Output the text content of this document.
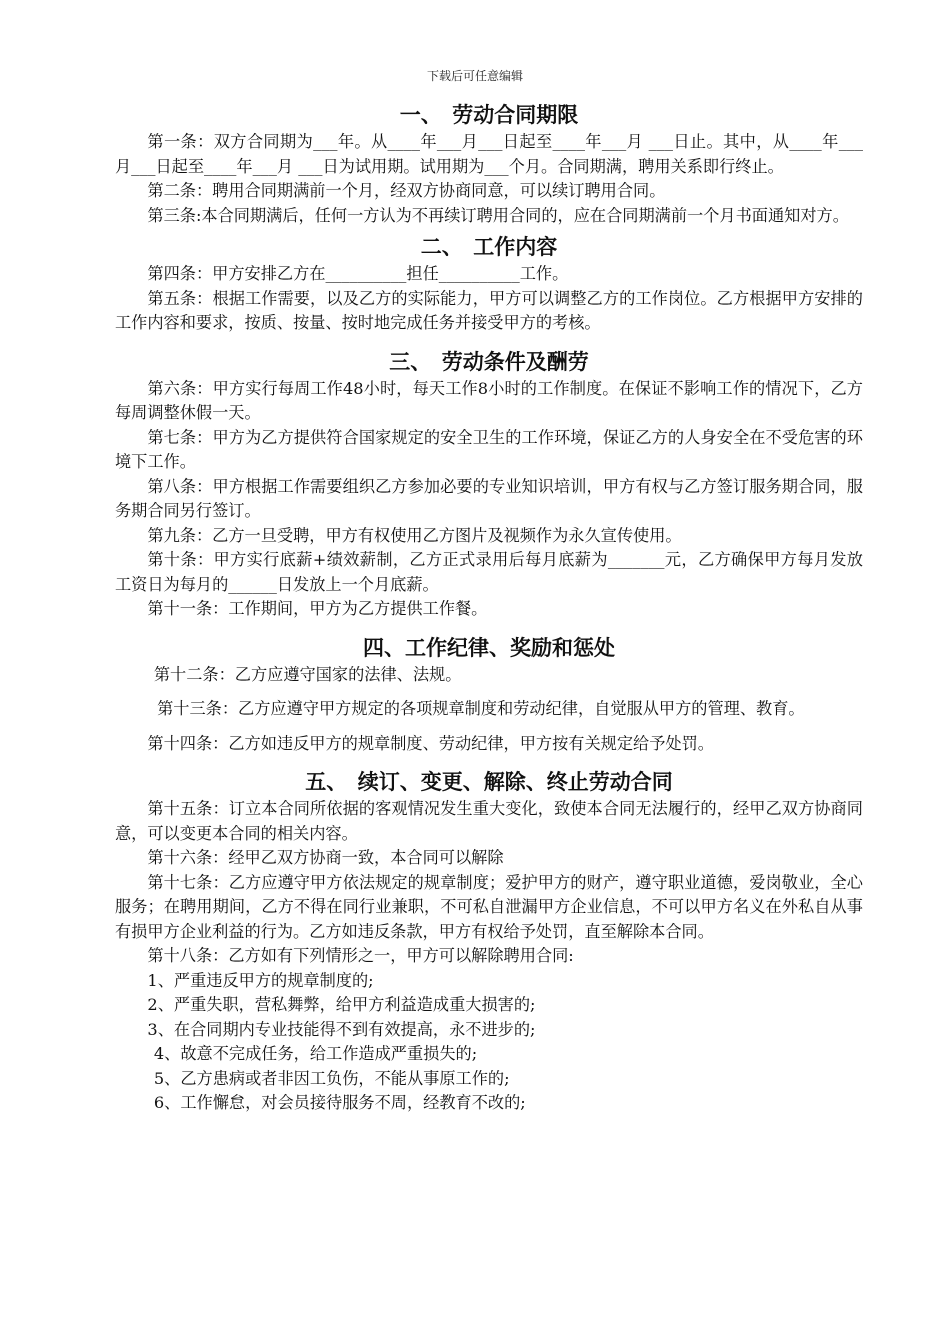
下载后可任意编辑
一、　劳动合同期限

第一条：双方合同期为___年。从____年___月___日起至____年___月 ___日止。其中，从____年___月___日起至____年___月 ___日为试用期。试用期为___个月。合同期满，聘用关系即行终止。

第二条：聘用合同期满前一个月，经双方协商同意，可以续订聘用合同。

第三条:本合同期满后，任何一方认为不再续订聘用合同的，应在合同期满前一个月书面通知对方。

二、　工作内容

第四条：甲方安排乙方在__________担任__________工作。

第五条：根据工作需要，以及乙方的实际能力，甲方可以调整乙方的工作岗位。乙方根据甲方安排的工作内容和要求，按质、按量、按时地完成任务并接受甲方的考核。

三、　劳动条件及酬劳

第六条：甲方实行每周工作48小时，每天工作8小时的工作制度。在保证不影响工作的情况下，乙方每周调整休假一天。

第七条：甲方为乙方提供符合国家规定的安全卫生的工作环境，保证乙方的人身安全在不受危害的环境下工作。

第八条：甲方根据工作需要组织乙方参加必要的专业知识培训，甲方有权与乙方签订服务期合同，服务期合同另行签订。

第九条：乙方一旦受聘，甲方有权使用乙方图片及视频作为永久宣传使用。

第十条：甲方实行底薪+绩效薪制，乙方正式录用后每月底薪为_______元，乙方确保甲方每月发放工资日为每月的______日发放上一个月底薪。

第十一条：工作期间，甲方为乙方提供工作餐。

四、工作纪律、奖励和惩处

第十二条：乙方应遵守国家的法律、法规。

第十三条：乙方应遵守甲方规定的各项规章制度和劳动纪律，自觉服从甲方的管理、教育。

第十四条：乙方如违反甲方的规章制度、劳动纪律，甲方按有关规定给予处罚。

五、　续订、变更、解除、终止劳动合同

第十五条：订立本合同所依据的客观情况发生重大变化，致使本合同无法履行的，经甲乙双方协商同意，可以变更本合同的相关内容。

第十六条：经甲乙双方协商一致，本合同可以解除

第十七条：乙方应遵守甲方依法规定的规章制度；爱护甲方的财产，遵守职业道德，爱岗敬业，全心服务；在聘用期间，乙方不得在同行业兼职，不可私自泄漏甲方企业信息，不可以甲方名义在外私自从事有损甲方企业利益的行为。乙方如违反条款，甲方有权给予处罚，直至解除本合同。

第十八条：乙方如有下列情形之一，甲方可以解除聘用合同:

1、严重违反甲方的规章制度的;

2、严重失职，营私舞弊，给甲方利益造成重大损害的;

3、在合同期内专业技能得不到有效提高，永不进步的;

4、故意不完成任务，给工作造成严重损失的;

5、乙方患病或者非因工负伤，不能从事原工作的;

6、工作懈怠，对会员接待服务不周，经教育不改的;
